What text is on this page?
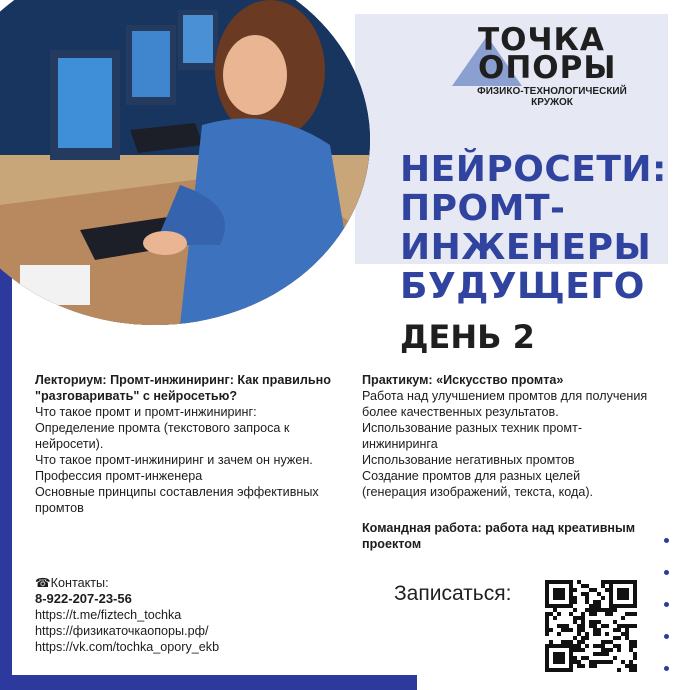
ТОЧКА
ОПОРЫ
ФИЗИКО-ТЕХНОЛОГИЧЕСКИЙ
КРУЖОК
НЕЙРОСЕТИ:
ПРОМТ-
ИНЖЕНЕРЫ
БУДУЩЕГО
ДЕНЬ 2
Лекториум: Промт-инжиниринг: Как правильно
"разговаривать" с нейросетью?
Что такое промт и промт-инжиниринг:
Определение промта (текстового запроса к
нейросети).
Что такое промт-инжиниринг и зачем он нужен.
Профессия промт-инженера
Основные принципы составления эффективных
промтов
Практикум: «Искусство промта»
Работа над улучшением промтов для получения
более качественных результатов.
Использование разных техник промт-
инжиниринга
Использование негативных промтов
Создание промтов для разных целей
(генерация изображений, текста, кода).
Командная работа: работа над креативным
проектом
☎Контакты:
8-922-207-23-56
https://t.me/fiztech_tochka
https://физикаточкаопоры.рф/
https://vk.com/tochka_opory_ekb
Записаться:
